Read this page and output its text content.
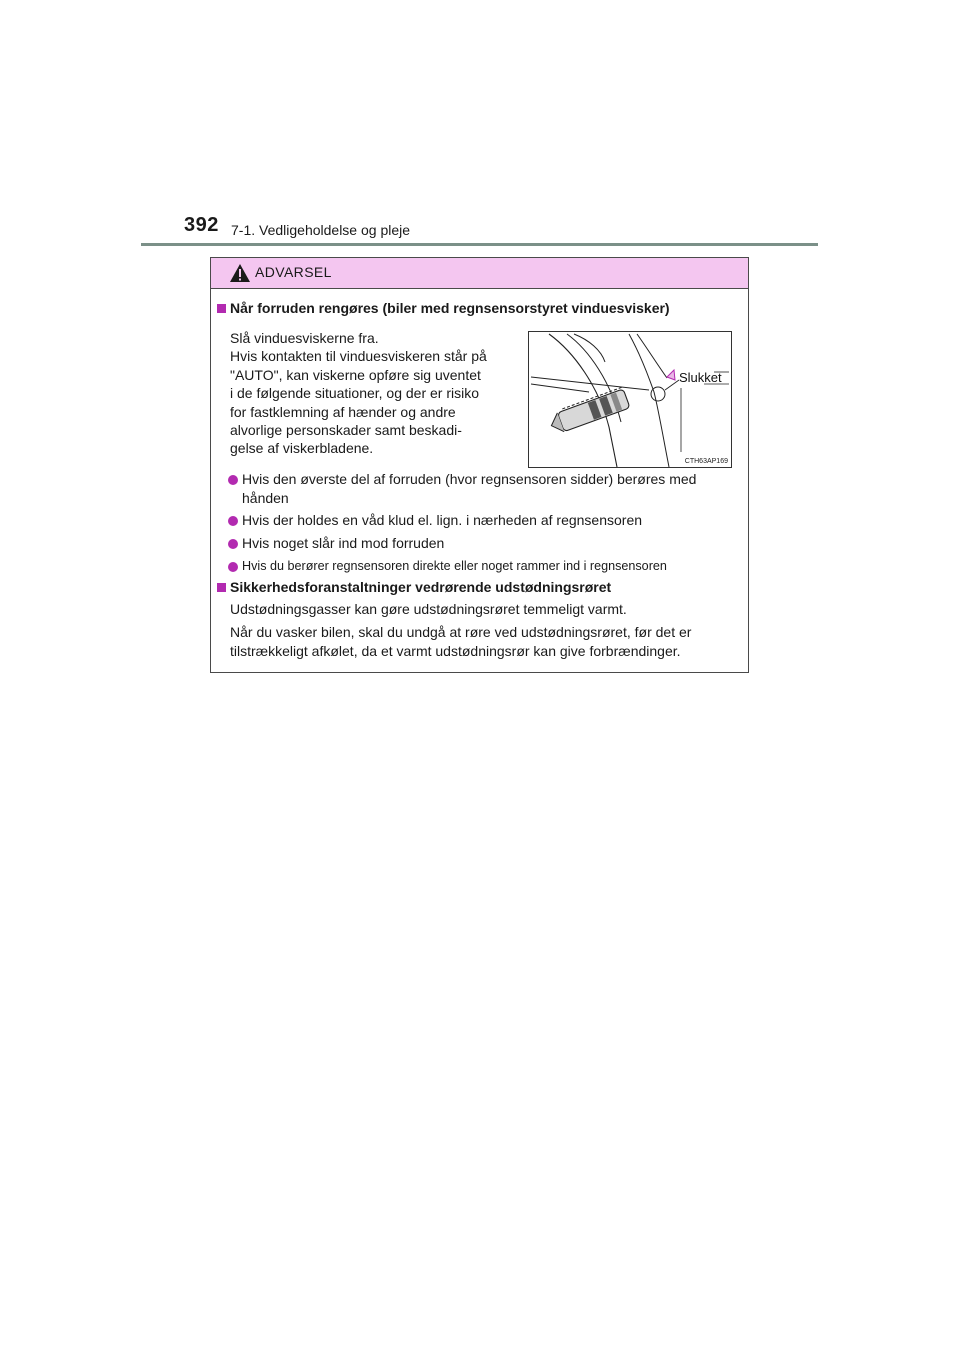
392 7-1. Vedligeholdelse og pleje
ADVARSEL
Når forruden rengøres (biler med regnsensorstyret vinduesvisker)
Slå vinduesviskerne fra.
Hvis kontakten til vinduesviskeren står på
"AUTO", kan viskerne opføre sig uventet
i de følgende situationer, og der er risiko
for fastklemning af hænder og andre
alvorlige personskader samt beskadi-
gelse af viskerbladene.
Slukket
CTH63AP169
Hvis den øverste del af forruden (hvor regnsensoren sidder) berøres med
hånden
Hvis der holdes en våd klud el. lign. i nærheden af regnsensoren
Hvis noget slår ind mod forruden
Hvis du berører regnsensoren direkte eller noget rammer ind i regnsensoren
Sikkerhedsforanstaltninger vedrørende udstødningsrøret
Udstødningsgasser kan gøre udstødningsrøret temmeligt varmt.
Når du vasker bilen, skal du undgå at røre ved udstødningsrøret, før det er
tilstrækkeligt afkølet, da et varmt udstødningsrør kan give forbrændinger.
